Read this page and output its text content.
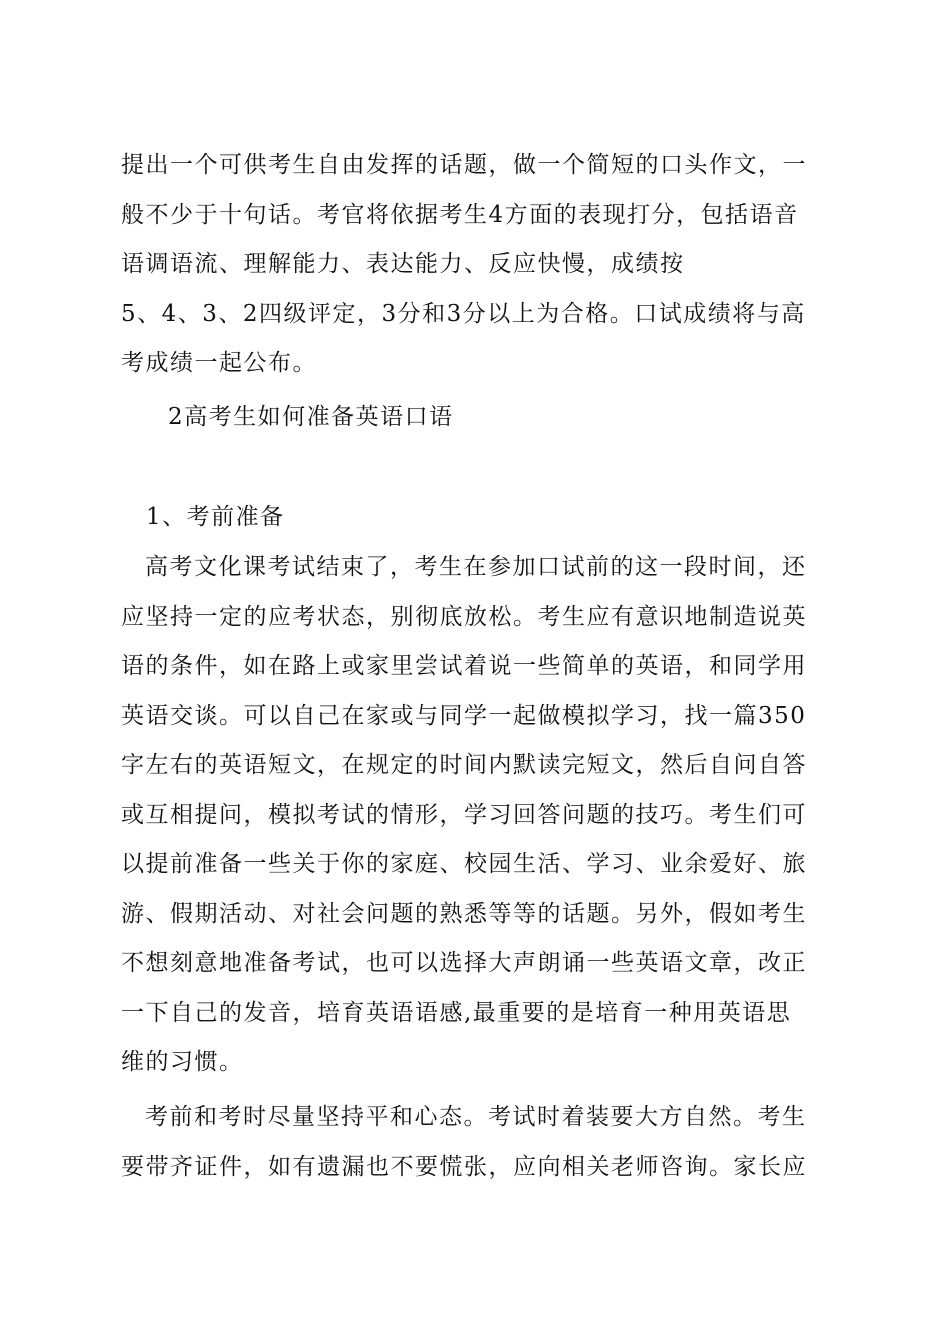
提出一个可供考生自由发挥的话题，做一个简短的口头作文，一
般不少于十句话。考官将依据考生4方面的表现打分，包括语音
语调语流、理解能力、表达能力、反应快慢，成绩按
5、4、3、2四级评定，3分和3分以上为合格。口试成绩将与高
考成绩一起公布。
2高考生如何准备英语口语
1、考前准备
高考文化课考试结束了，考生在参加口试前的这一段时间，还
应坚持一定的应考状态，别彻底放松。考生应有意识地制造说英
语的条件，如在路上或家里尝试着说一些简单的英语，和同学用
英语交谈。可以自己在家或与同学一起做模拟学习，找一篇350
字左右的英语短文，在规定的时间内默读完短文，然后自问自答
或互相提问，模拟考试的情形，学习回答问题的技巧。考生们可
以提前准备一些关于你的家庭、校园生活、学习、业余爱好、旅
游、假期活动、对社会问题的熟悉等等的话题。另外，假如考生
不想刻意地准备考试，也可以选择大声朗诵一些英语文章，改正
一下自己的发音，培育英语语感,最重要的是培育一种用英语思
维的习惯。
考前和考时尽量坚持平和心态。考试时着装要大方自然。考生
要带齐证件，如有遗漏也不要慌张，应向相关老师咨询。家长应
